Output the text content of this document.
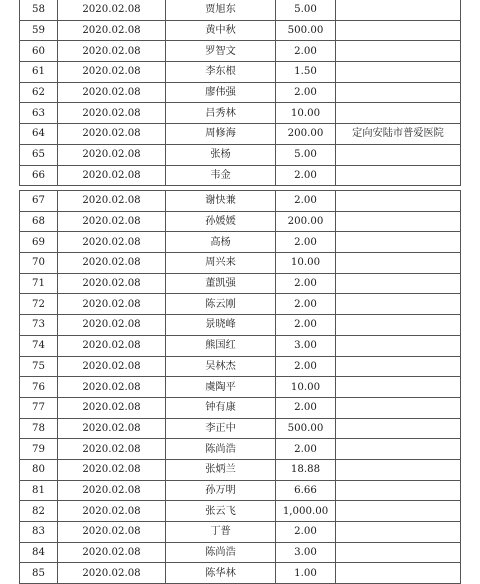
58	2020.02.08	贾旭东	5.00	
59	2020.02.08	黄中秋	500.00	
60	2020.02.08	罗智文	2.00	
61	2020.02.08	李东根	1.50	
62	2020.02.08	廖伟强	2.00	
63	2020.02.08	吕秀林	10.00	
64	2020.02.08	周修海	200.00	定向安陆市普爱医院
65	2020.02.08	张杨	5.00	
66	2020.02.08	韦金	2.00	
67	2020.02.08	谢快兼	2.00	
68	2020.02.08	孙媛媛	200.00	
69	2020.02.08	高杨	2.00	
70	2020.02.08	周兴来	10.00	
71	2020.02.08	董凯强	2.00	
72	2020.02.08	陈云刚	2.00	
73	2020.02.08	景晓峰	2.00	
74	2020.02.08	熊国红	3.00	
75	2020.02.08	吴林杰	2.00	
76	2020.02.08	虞陶平	10.00	
77	2020.02.08	钟有康	2.00	
78	2020.02.08	李正中	500.00	
79	2020.02.08	陈尚浩	2.00	
80	2020.02.08	张炳兰	18.88	
81	2020.02.08	孙万明	6.66	
82	2020.02.08	张云飞	1,000.00	
83	2020.02.08	丁普	2.00	
84	2020.02.08	陈尚浩	3.00	
85	2020.02.08	陈华林	1.00	
